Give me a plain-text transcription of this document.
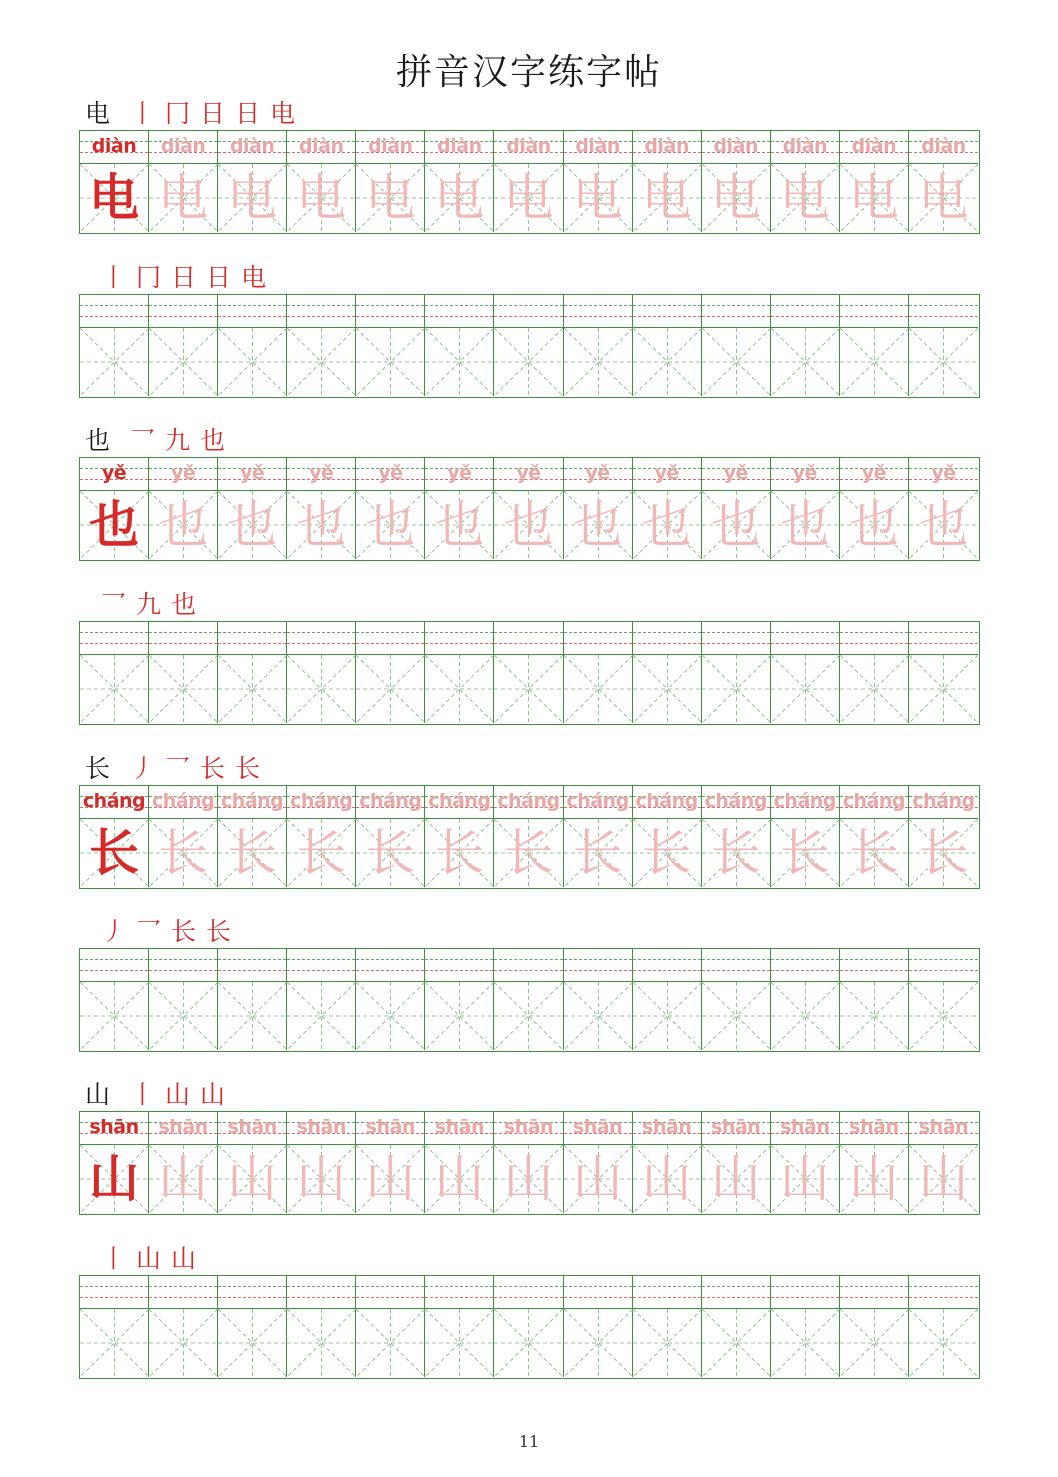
拼音汉字练字帖
电 丨 冂 日 日 电
diàn
电
diàn
电
diàn
电
diàn
电
diàn
电
diàn
电
diàn
电
diàn
电
diàn
电
diàn
电
diàn
电
diàn
电
diàn
电
丨 冂 日 日 电
也 乛 九 也
yě
也
yě
也
yě
也
yě
也
yě
也
yě
也
yě
也
yě
也
yě
也
yě
也
yě
也
yě
也
yě
也
乛 九 也
长 丿 乛 长 长
cháng
长
cháng
长
cháng
长
cháng
长
cháng
长
cháng
长
cháng
长
cháng
长
cháng
长
cháng
长
cháng
长
cháng
长
cháng
长
丿 乛 长 长
山 丨 山 山
shān
山
shān
山
shān
山
shān
山
shān
山
shān
山
shān
山
shān
山
shān
山
shān
山
shān
山
shān
山
shān
山
丨 山 山
11
